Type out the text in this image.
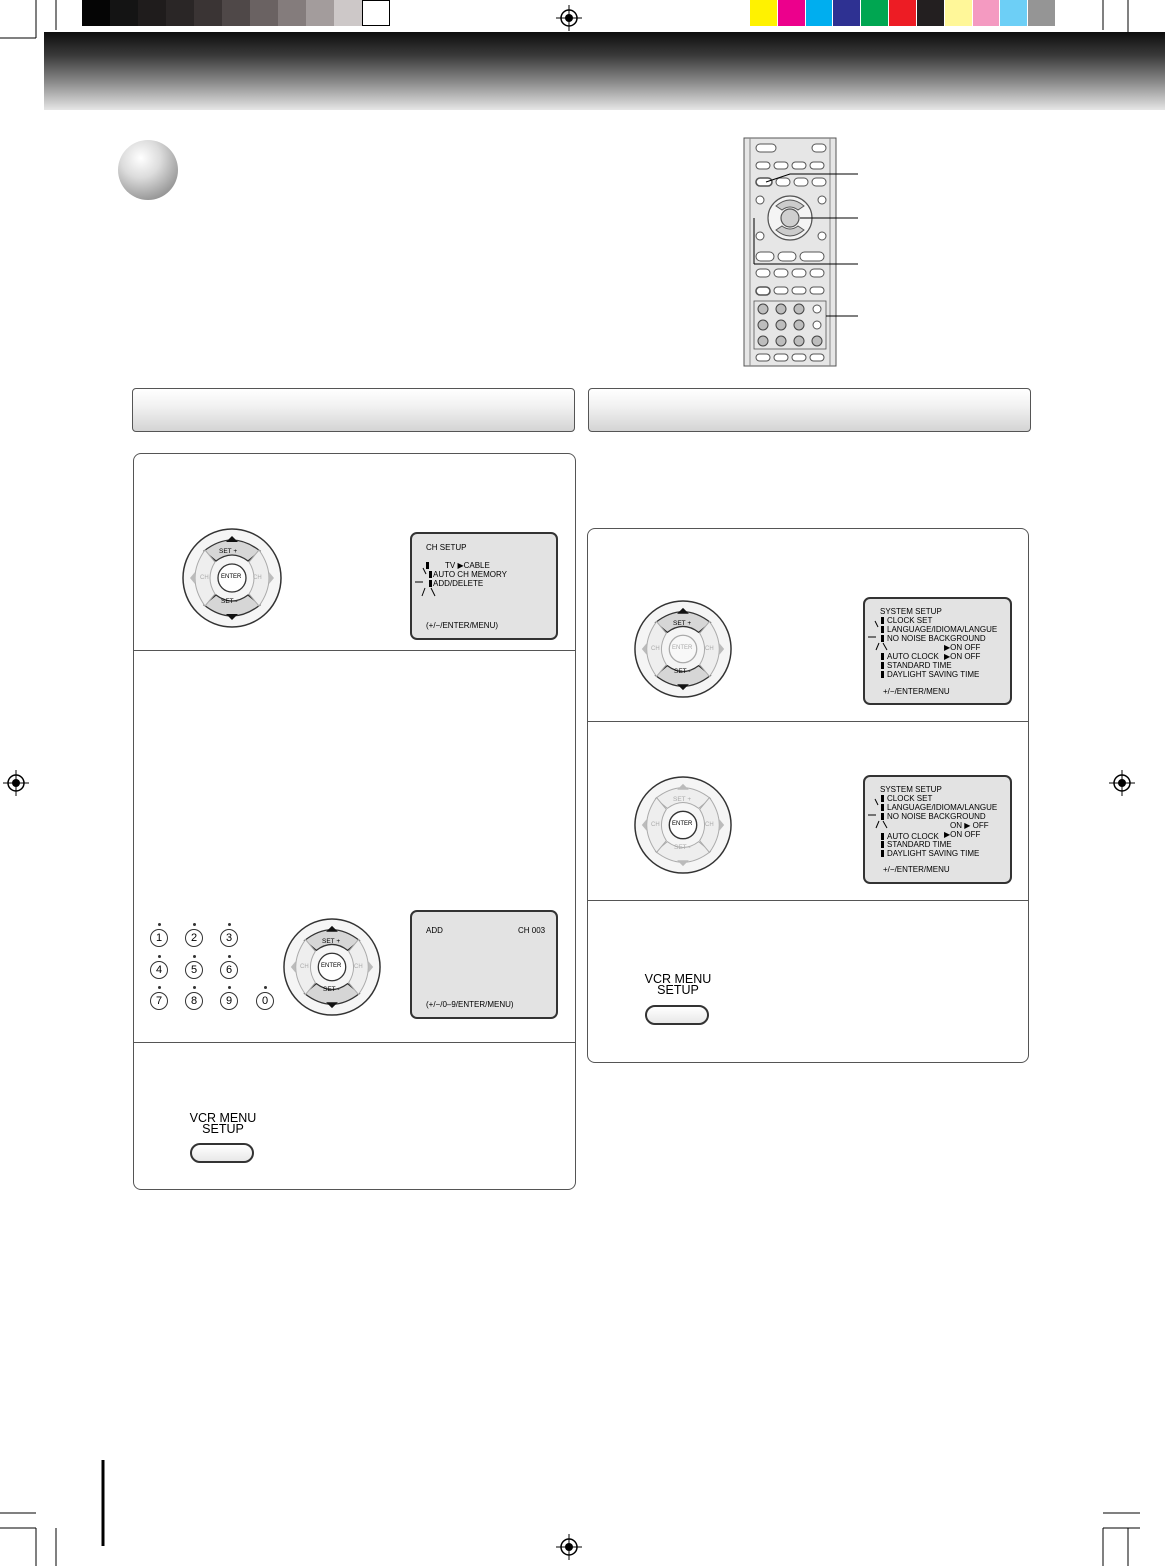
SET +
SET -
ENTER
CH	CH
CH SETUP
TV ▶CABLE
AUTO CH MEMORY
ADD/DELETE
(+/−/ENTER/MENU)
1	2	3
4	5	6
7	8	9	0
SET +
SET -
ENTER
CH	CH
ADD	CH 003
(+/−/0–9/ENTER/MENU)
VCR MENU
SETUP
SET +
SET -
ENTER
CH	CH
SYSTEM SETUP
CLOCK SET
LANGUAGE/IDIOMA/LANGUE
NO NOISE BACKGROUND
▶ON OFF
AUTO CLOCK ▶ON OFF
STANDARD TIME
DAYLIGHT SAVING TIME
+/−/ENTER/MENU
SET +
SET -
ENTER
CH	CH
SYSTEM SETUP
CLOCK SET
LANGUAGE/IDIOMA/LANGUE
NO NOISE BACKGROUND
ON ▶ OFF
AUTO CLOCK ▶ON OFF
STANDARD TIME
DAYLIGHT SAVING TIME
+/−/ENTER/MENU
VCR MENU
SETUP
